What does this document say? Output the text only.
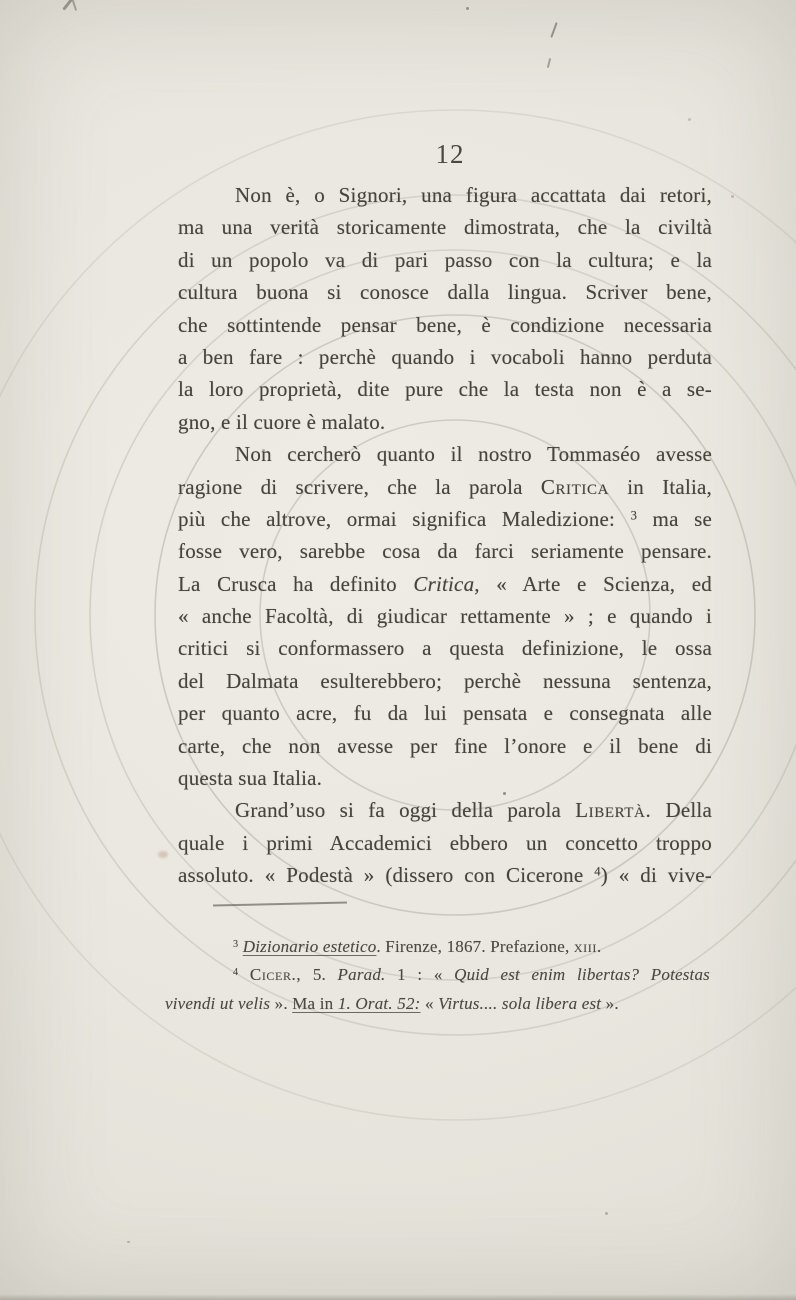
12
Non è, o Signori, una figura accattata dai retori,
ma una verità storicamente dimostrata, che la civiltà
di un popolo va di pari passo con la cultura; e la
cultura buona si conosce dalla lingua. Scriver bene,
che sottintende pensar bene, è condizione necessaria
a ben fare : perchè quando i vocaboli hanno perduta
la loro proprietà, dite pure che la testa non è a se-
gno, e il cuore è malato.
Non cercherò quanto il nostro Tommaséo avesse
ragione di scrivere, che la parola Critica in Italia,
più che altrove, ormai significa Maledizione: $^3$ ma se
fosse vero, sarebbe cosa da farci seriamente pensare.
La Crusca ha definito Critica, « Arte e Scienza, ed
« anche Facoltà, di giudicar rettamente » ; e quando i
critici si conformassero a questa definizione, le ossa
del Dalmata esulterebbero; perchè nessuna sentenza,
per quanto acre, fu da lui pensata e consegnata alle
carte, che non avesse per fine l’onore e il bene di
questa sua Italia.
Grand’uso si fa oggi della parola Libertà. Della
quale i primi Accademici ebbero un concetto troppo
assoluto. « Podestà » (dissero con Cicerone $^4$) « di vive-
$^3$ Dizionario estetico. Firenze, 1867. Prefazione, xiii.
$^4$ Cicer., 5. Parad. 1 : « Quid est enim libertas? Potestas
vivendi ut velis ». Ma in 1. Orat. 52: « Virtus.... sola libera est ».
